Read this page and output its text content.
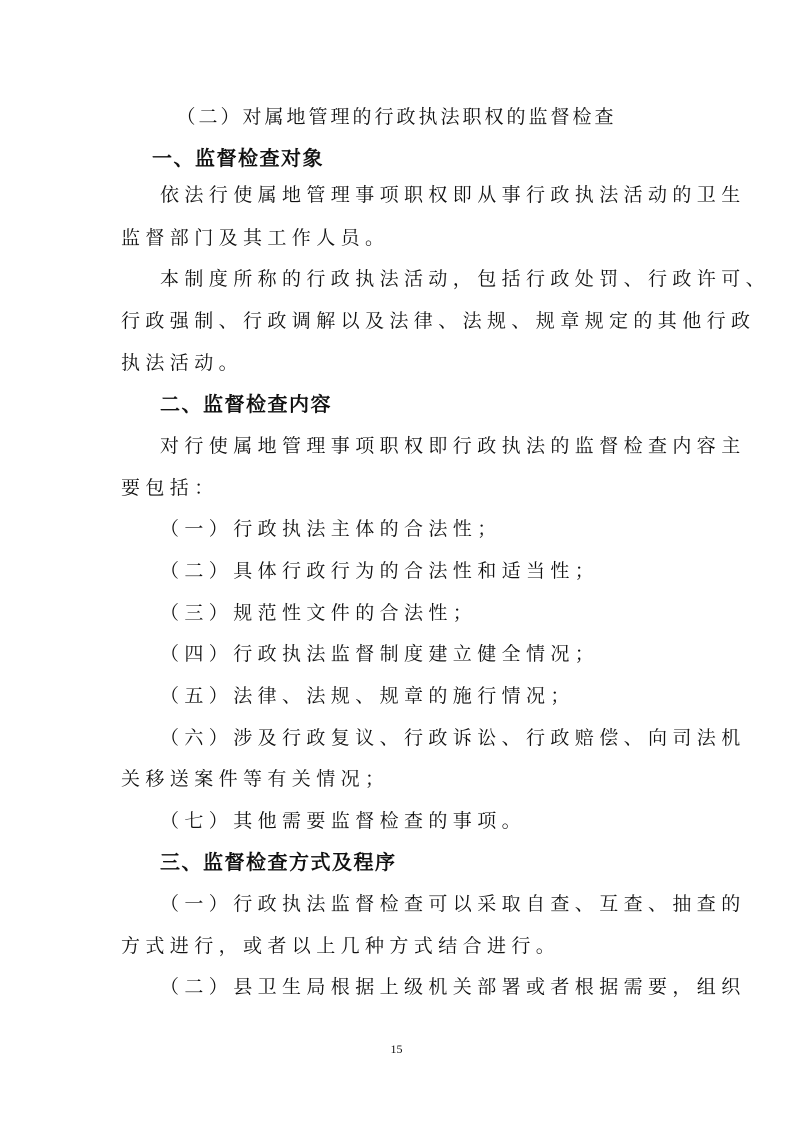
（二）对属地管理的行政执法职权的监督检查
一、监督检查对象
依法行使属地管理事项职权即从事行政执法活动的卫生
监督部门及其工作人员。
本制度所称的行政执法活动，包括行政处罚、行政许可、
行政强制、行政调解以及法律、法规、规章规定的其他行政
执法活动。
二、监督检查内容
对行使属地管理事项职权即行政执法的监督检查内容主
要包括：
（一）行政执法主体的合法性；
（二）具体行政行为的合法性和适当性；
（三）规范性文件的合法性；
（四）行政执法监督制度建立健全情况；
（五）法律、法规、规章的施行情况；
（六）涉及行政复议、行政诉讼、行政赔偿、向司法机
关移送案件等有关情况；
（七）其他需要监督检查的事项。
三、监督检查方式及程序
（一）行政执法监督检查可以采取自查、互查、抽查的
方式进行，或者以上几种方式结合进行。
（二）县卫生局根据上级机关部署或者根据需要，组织
15
